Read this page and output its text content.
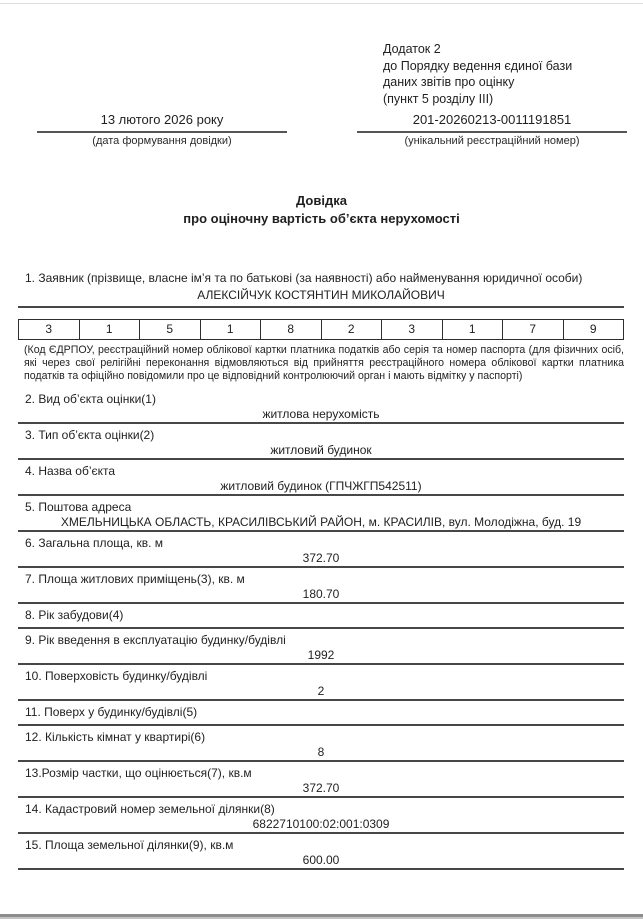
Додаток 2
до Порядку ведення єдиної бази
даних звітів про оцінку
(пункт 5 розділу III)
13 лютого 2026 року
(дата формування довідки)
201-20260213-0011191851
(унікальний реєстраційний номер)
Довідка
про оціночну вартість об’єкта нерухомості
1. Заявник (прізвище, власне ім’я та по батькові (за наявності) або найменування юридичної особи)
АЛЕКСІЙЧУК КОСТЯНТИН МИКОЛАЙОВИЧ
3	1	5	1	8	2	3	1	7	9
(Код ЄДРПОУ, реєстраційний номер облікової картки платника податків або серія та номер паспорта (для фізичних осіб, які через свої релігійні переконання відмовляються від прийняття реєстраційного номера облікової картки платника податків та офіційно повідомили про це відповідний контролюючий орган і мають відмітку у паспорті)
2. Вид об’єкта оцінки(1)
житлова нерухомість
3. Тип об’єкта оцінки(2)
житловий будинок
4. Назва об’єкта
житловий будинок (ГПЧЖГП542511)
5. Поштова адреса
ХМЕЛЬНИЦЬКА ОБЛАСТЬ, КРАСИЛІВСЬКИЙ РАЙОН, м. КРАСИЛІВ, вул. Молодіжна, буд. 19
6. Загальна площа, кв. м
372.70
7. Площа житлових приміщень(3), кв. м
180.70
8. Рік забудови(4)
9. Рік введення в експлуатацію будинку/будівлі
1992
10. Поверховість будинку/будівлі
2
11. Поверх у будинку/будівлі(5)
12. Кількість кімнат у квартирі(6)
8
13.Розмір частки, що оцінюється(7), кв.м
372.70
14. Кадастровий номер земельної ділянки(8)
6822710100:02:001:0309
15. Площа земельної ділянки(9), кв.м
600.00
